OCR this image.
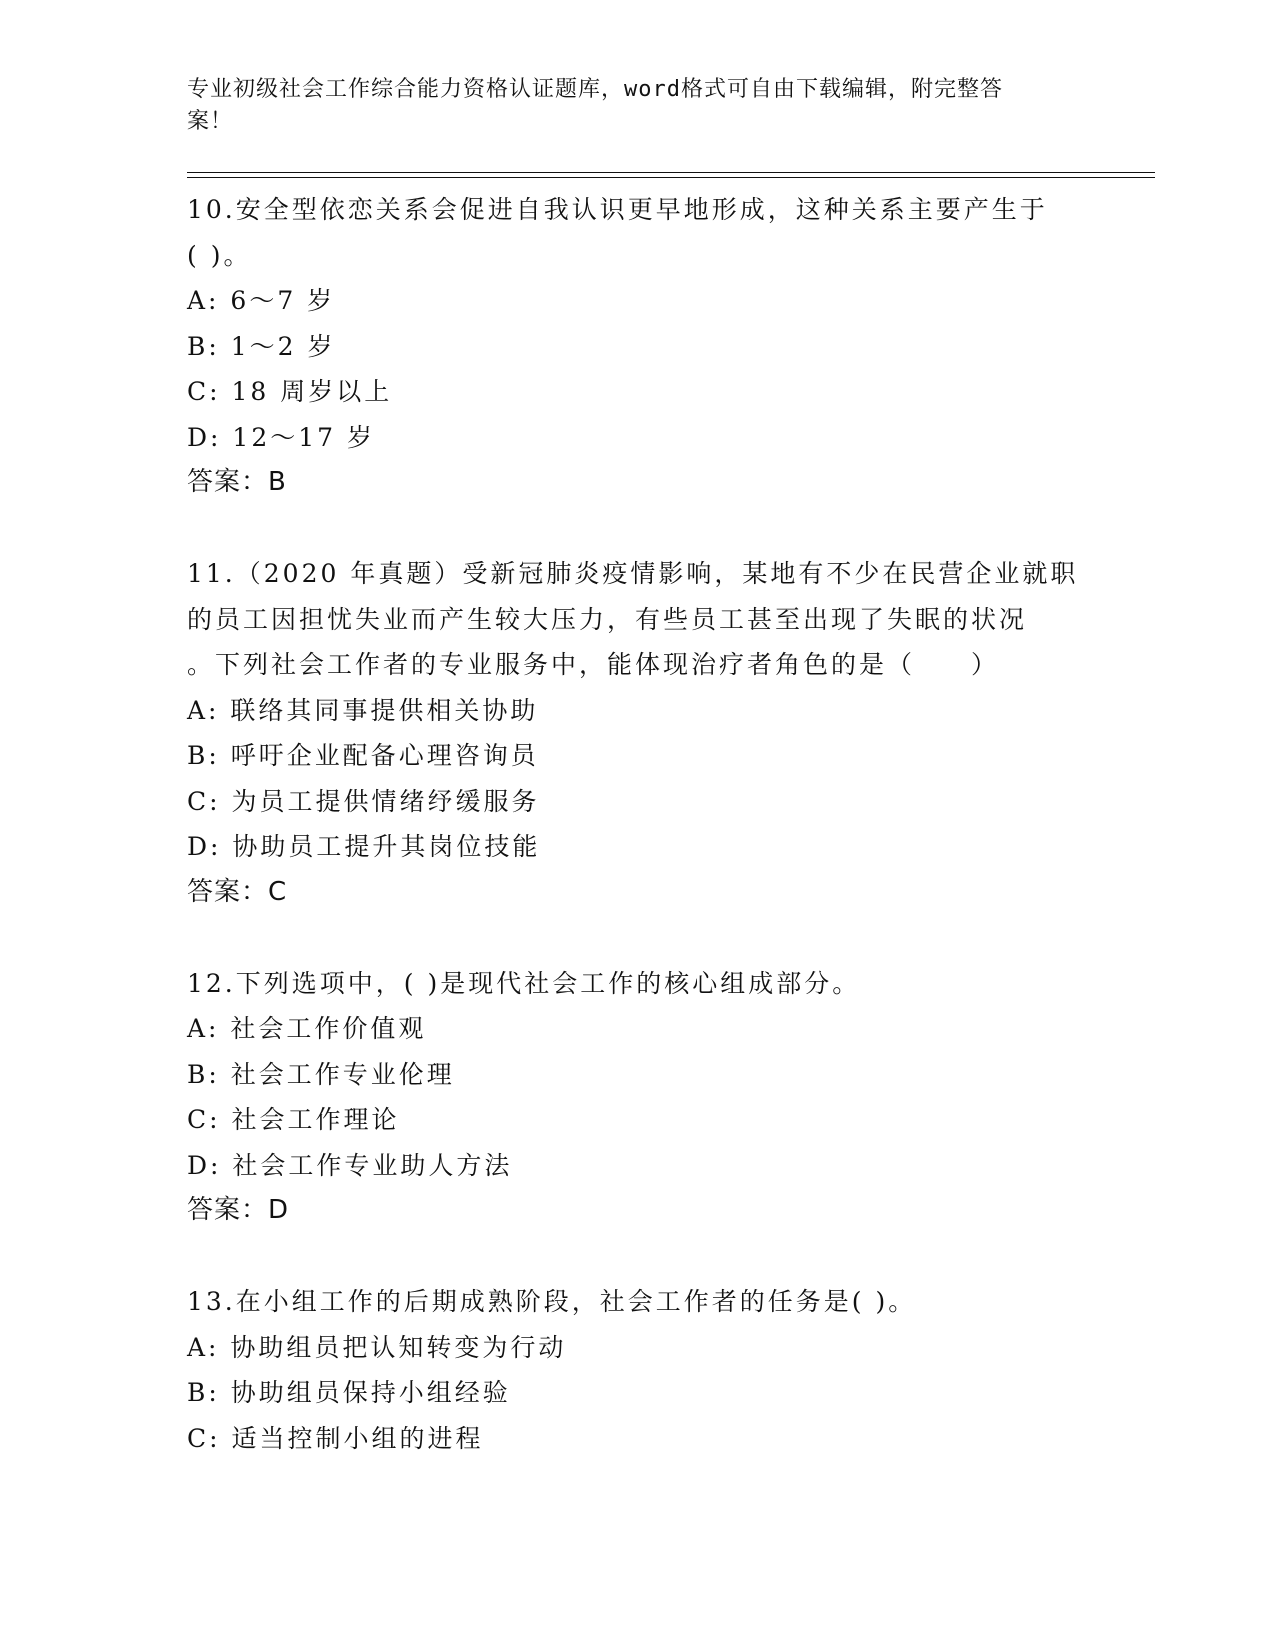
专业初级社会工作综合能力资格认证题库，word格式可自由下载编辑，附完整答
案！
10.安全型依恋关系会促进自我认识更早地形成，这种关系主要产生于
( )。
A: 6～7 岁
B: 1～2 岁
C: 18 周岁以上
D: 12～17 岁
答案：B
11.（2020 年真题）受新冠肺炎疫情影响，某地有不少在民营企业就职
的员工因担忧失业而产生较大压力，有些员工甚至出现了失眠的状况
。下列社会工作者的专业服务中，能体现治疗者角色的是（　　）
A: 联络其同事提供相关协助
B: 呼吁企业配备心理咨询员
C: 为员工提供情绪纾缓服务
D: 协助员工提升其岗位技能
答案：C
12.下列选项中，( )是现代社会工作的核心组成部分。
A: 社会工作价值观
B: 社会工作专业伦理
C: 社会工作理论
D: 社会工作专业助人方法
答案：D
13.在小组工作的后期成熟阶段，社会工作者的任务是( )。
A: 协助组员把认知转变为行动
B: 协助组员保持小组经验
C: 适当控制小组的进程
